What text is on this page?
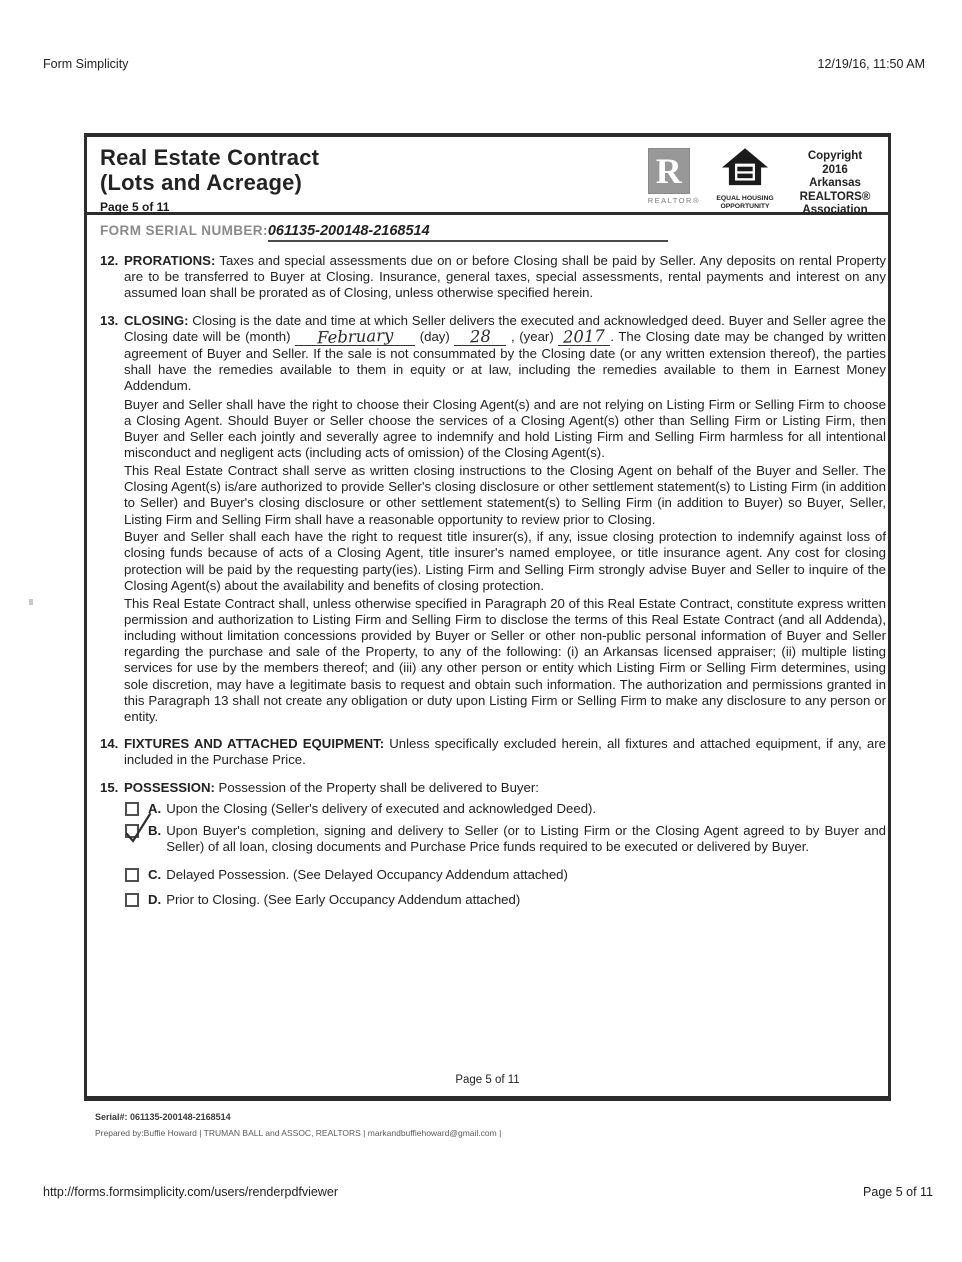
Form Simplicity	12/19/16, 11:50 AM
Real Estate Contract
(Lots and Acreage)
Page 5 of 11
R
REALTOR®	EQUAL HOUSING
OPPORTUNITY
Copyright
2016
Arkansas
REALTORS®
Association
FORM SERIAL NUMBER:061135-200148-2168514
12. PRORATIONS: Taxes and special assessments due on or before Closing shall be paid by Seller. Any deposits on rental Property are to be transferred to Buyer at Closing. Insurance, general taxes, special assessments, rental payments and interest on any assumed loan shall be prorated as of Closing, unless otherwise specified herein.
13. CLOSING: Closing is the date and time at which Seller delivers the executed and acknowledged deed. Buyer and Seller agree the Closing date will be (month) February (day) 28 , (year) 2017 . The Closing date may be changed by written agreement of Buyer and Seller. If the sale is not consummated by the Closing date (or any written extension thereof), the parties shall have the remedies available to them in equity or at law, including the remedies available to them in Earnest Money Addendum.
Buyer and Seller shall have the right to choose their Closing Agent(s) and are not relying on Listing Firm or Selling Firm to choose a Closing Agent. Should Buyer or Seller choose the services of a Closing Agent(s) other than Selling Firm or Listing Firm, then Buyer and Seller each jointly and severally agree to indemnify and hold Listing Firm and Selling Firm harmless for all intentional misconduct and negligent acts (including acts of omission) of the Closing Agent(s).
This Real Estate Contract shall serve as written closing instructions to the Closing Agent on behalf of the Buyer and Seller. The Closing Agent(s) is/are authorized to provide Seller's closing disclosure or other settlement statement(s) to Listing Firm (in addition to Seller) and Buyer's closing disclosure or other settlement statement(s) to Selling Firm (in addition to Buyer) so Buyer, Seller, Listing Firm and Selling Firm shall have a reasonable opportunity to review prior to Closing.
Buyer and Seller shall each have the right to request title insurer(s), if any, issue closing protection to indemnify against loss of closing funds because of acts of a Closing Agent, title insurer's named employee, or title insurance agent. Any cost for closing protection will be paid by the requesting party(ies). Listing Firm and Selling Firm strongly advise Buyer and Seller to inquire of the Closing Agent(s) about the availability and benefits of closing protection.
This Real Estate Contract shall, unless otherwise specified in Paragraph 20 of this Real Estate Contract, constitute express written permission and authorization to Listing Firm and Selling Firm to disclose the terms of this Real Estate Contract (and all Addenda), including without limitation concessions provided by Buyer or Seller or other non-public personal information of Buyer and Seller regarding the purchase and sale of the Property, to any of the following: (i) an Arkansas licensed appraiser; (ii) multiple listing services for use by the members thereof; and (iii) any other person or entity which Listing Firm or Selling Firm determines, using sole discretion, may have a legitimate basis to request and obtain such information. The authorization and permissions granted in this Paragraph 13 shall not create any obligation or duty upon Listing Firm or Selling Firm to make any disclosure to any person or entity.
14. FIXTURES AND ATTACHED EQUIPMENT: Unless specifically excluded herein, all fixtures and attached equipment, if any, are included in the Purchase Price.
15. POSSESSION: Possession of the Property shall be delivered to Buyer:
A. Upon the Closing (Seller's delivery of executed and acknowledged Deed).
B. Upon Buyer's completion, signing and delivery to Seller (or to Listing Firm or the Closing Agent agreed to by Buyer and Seller) of all loan, closing documents and Purchase Price funds required to be executed or delivered by Buyer.
C. Delayed Possession. (See Delayed Occupancy Addendum attached)
D. Prior to Closing. (See Early Occupancy Addendum attached)
Page 5 of 11
Serial#: 061135-200148-2168514
Prepared by:Buffie Howard | TRUMAN BALL and ASSOC, REALTORS | markandbuffiehoward@gmail.com |
http://forms.formsimplicity.com/users/renderpdfviewer	Page 5 of 11
